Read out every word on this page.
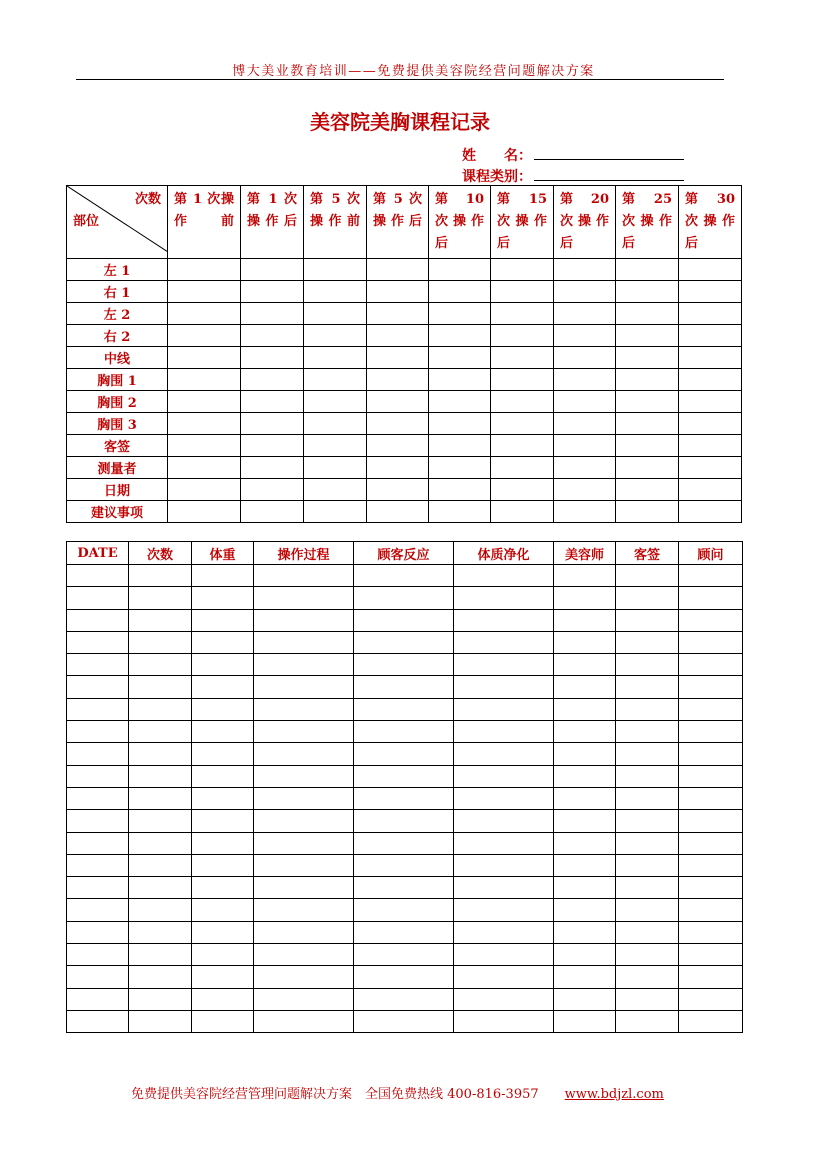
博大美业教育培训——免费提供美容院经营问题解决方案
美容院美胸课程记录
姓　　名：
课程类别：
次数
部位	第 1 次操作前	第 1 次操作后	第 5 次操作前	第 5 次操作后	第 10 次操作后	第 15 次操作后	第 20 次操作后	第 25 次操作后	第 30 次操作后
左 1									
右 1									
左 2									
右 2									
中线									
胸围 1									
胸围 2									
胸围 3									
客签									
测量者									
日期									
建议事项									
DATE	次数	体重	操作过程	顾客反应	体质净化	美容师	客签	顾问

免费提供美容院经营管理问题解决方案　全国免费热线 400-816-3957 www.bdjzl.com
